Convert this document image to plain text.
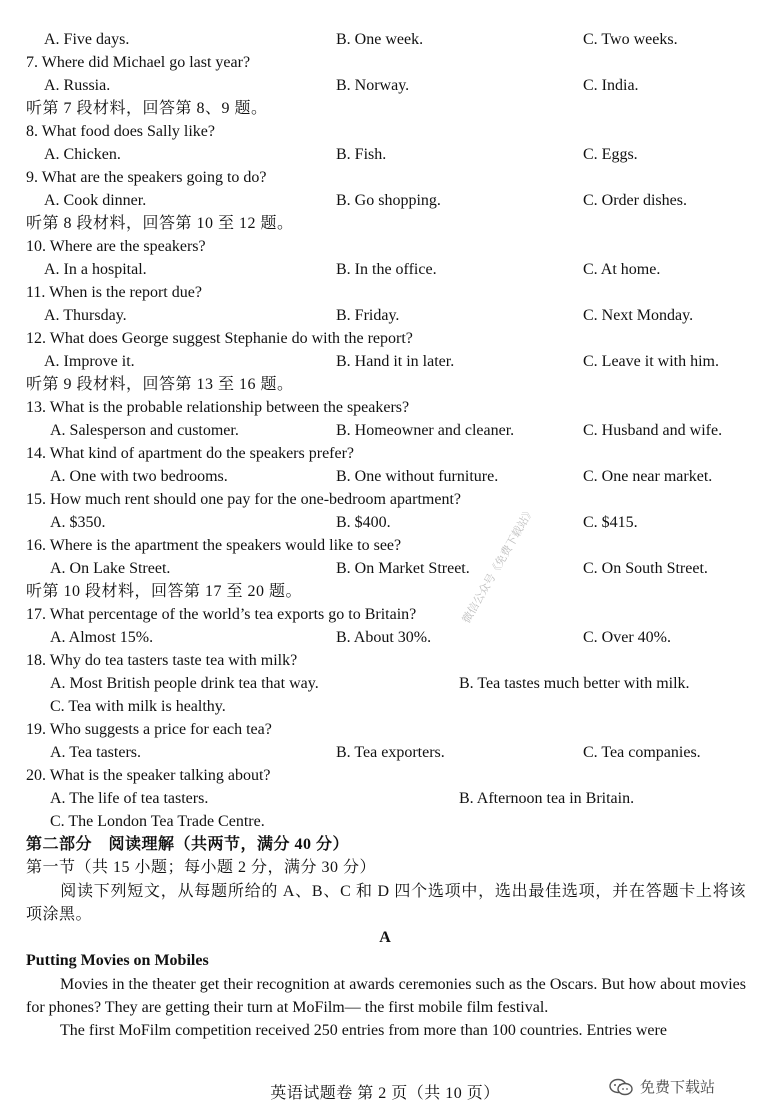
A. Five days.	B. One week.	C. Two weeks.
7. Where did Michael go last year?
A. Russia.	B. Norway.	C. India.
听第 7 段材料，回答第 8、9 题。
8. What food does Sally like?
A. Chicken.	B. Fish.	C. Eggs.
9. What are the speakers going to do?
A. Cook dinner.	B. Go shopping.	C. Order dishes.
听第 8 段材料，回答第 10 至 12 题。
10. Where are the speakers?
A. In a hospital.	B. In the office.	C. At home.
11. When is the report due?
A. Thursday.	B. Friday.	C. Next Monday.
12. What does George suggest Stephanie do with the report?
A. Improve it.	B. Hand it in later.	C. Leave it with him.
听第 9 段材料，回答第 13 至 16 题。
13. What is the probable relationship between the speakers?
A. Salesperson and customer.	B. Homeowner and cleaner.	C. Husband and wife.
14. What kind of apartment do the speakers prefer?
A. One with two bedrooms.	B. One without furniture.	C. One near market.
15. How much rent should one pay for the one-bedroom apartment?
A. $350.	B. $400.	C. $415.
16. Where is the apartment the speakers would like to see?
A. On Lake Street.	B. On Market Street.	C. On South Street.
听第 10 段材料，回答第 17 至 20 题。
17. What percentage of the world’s tea exports go to Britain?
A. Almost 15%.	B. About 30%.	C. Over 40%.
18. Why do tea tasters taste tea with milk?
A. Most British people drink tea that way.	B. Tea tastes much better with milk.
C. Tea with milk is healthy.
19. Who suggests a price for each tea?
A. Tea tasters.	B. Tea exporters.	C. Tea companies.
20. What is the speaker talking about?
A. The life of tea tasters.	B. Afternoon tea in Britain.
C. The London Tea Trade Centre.
第二部分　阅读理解（共两节，满分 40 分）
第一节（共 15 小题；每小题 2 分，满分 30 分）
阅读下列短文，从每题所给的 A、B、C 和 D 四个选项中，选出最佳选项，并在答题卡上将该项涂黑。
A
Putting Movies on Mobiles
Movies in the theater get their recognition at awards ceremonies such as the Oscars. But how about movies for phones? They are getting their turn at MoFilm— the first mobile film festival.
The first MoFilm competition received 250 entries from more than 100 countries. Entries were
微信公众号《免费下载站》
英语试题卷 第 2 页（共 10 页）	免费下载站
